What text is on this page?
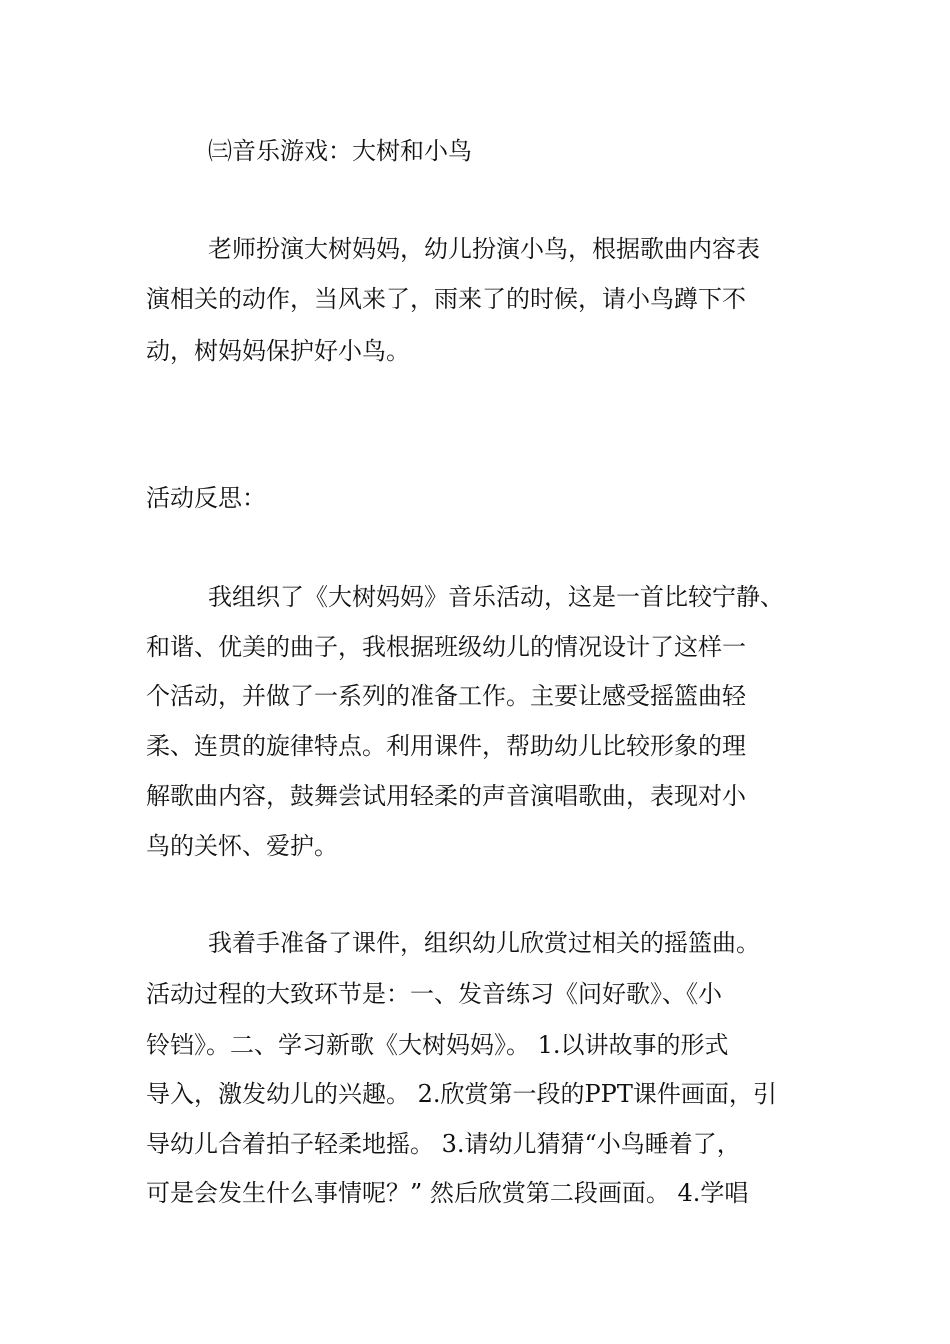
㈢音乐游戏：大树和小鸟
老师扮演大树妈妈，幼儿扮演小鸟，根据歌曲内容表
演相关的动作，当风来了，雨来了的时候，请小鸟蹲下不
动，树妈妈保护好小鸟。
活动反思：
我组织了《大树妈妈》音乐活动，这是一首比较宁静、
和谐、优美的曲子，我根据班级幼儿的情况设计了这样一
个活动，并做了一系列的准备工作。主要让感受摇篮曲轻
柔、连贯的旋律特点。利用课件，帮助幼儿比较形象的理
解歌曲内容，鼓舞尝试用轻柔的声音演唱歌曲，表现对小
鸟的关怀、爱护。
我着手准备了课件，组织幼儿欣赏过相关的摇篮曲。
活动过程的大致环节是：一、发音练习《问好歌》、《小
铃铛》。二、学习新歌《大树妈妈》。 1.以讲故事的形式
导入，激发幼儿的兴趣。 2.欣赏第一段的PPT课件画面，引
导幼儿合着拍子轻柔地摇。 3.请幼儿猜猜“小鸟睡着了，
可是会发生什么事情呢？” 然后欣赏第二段画面。 4.学唱
